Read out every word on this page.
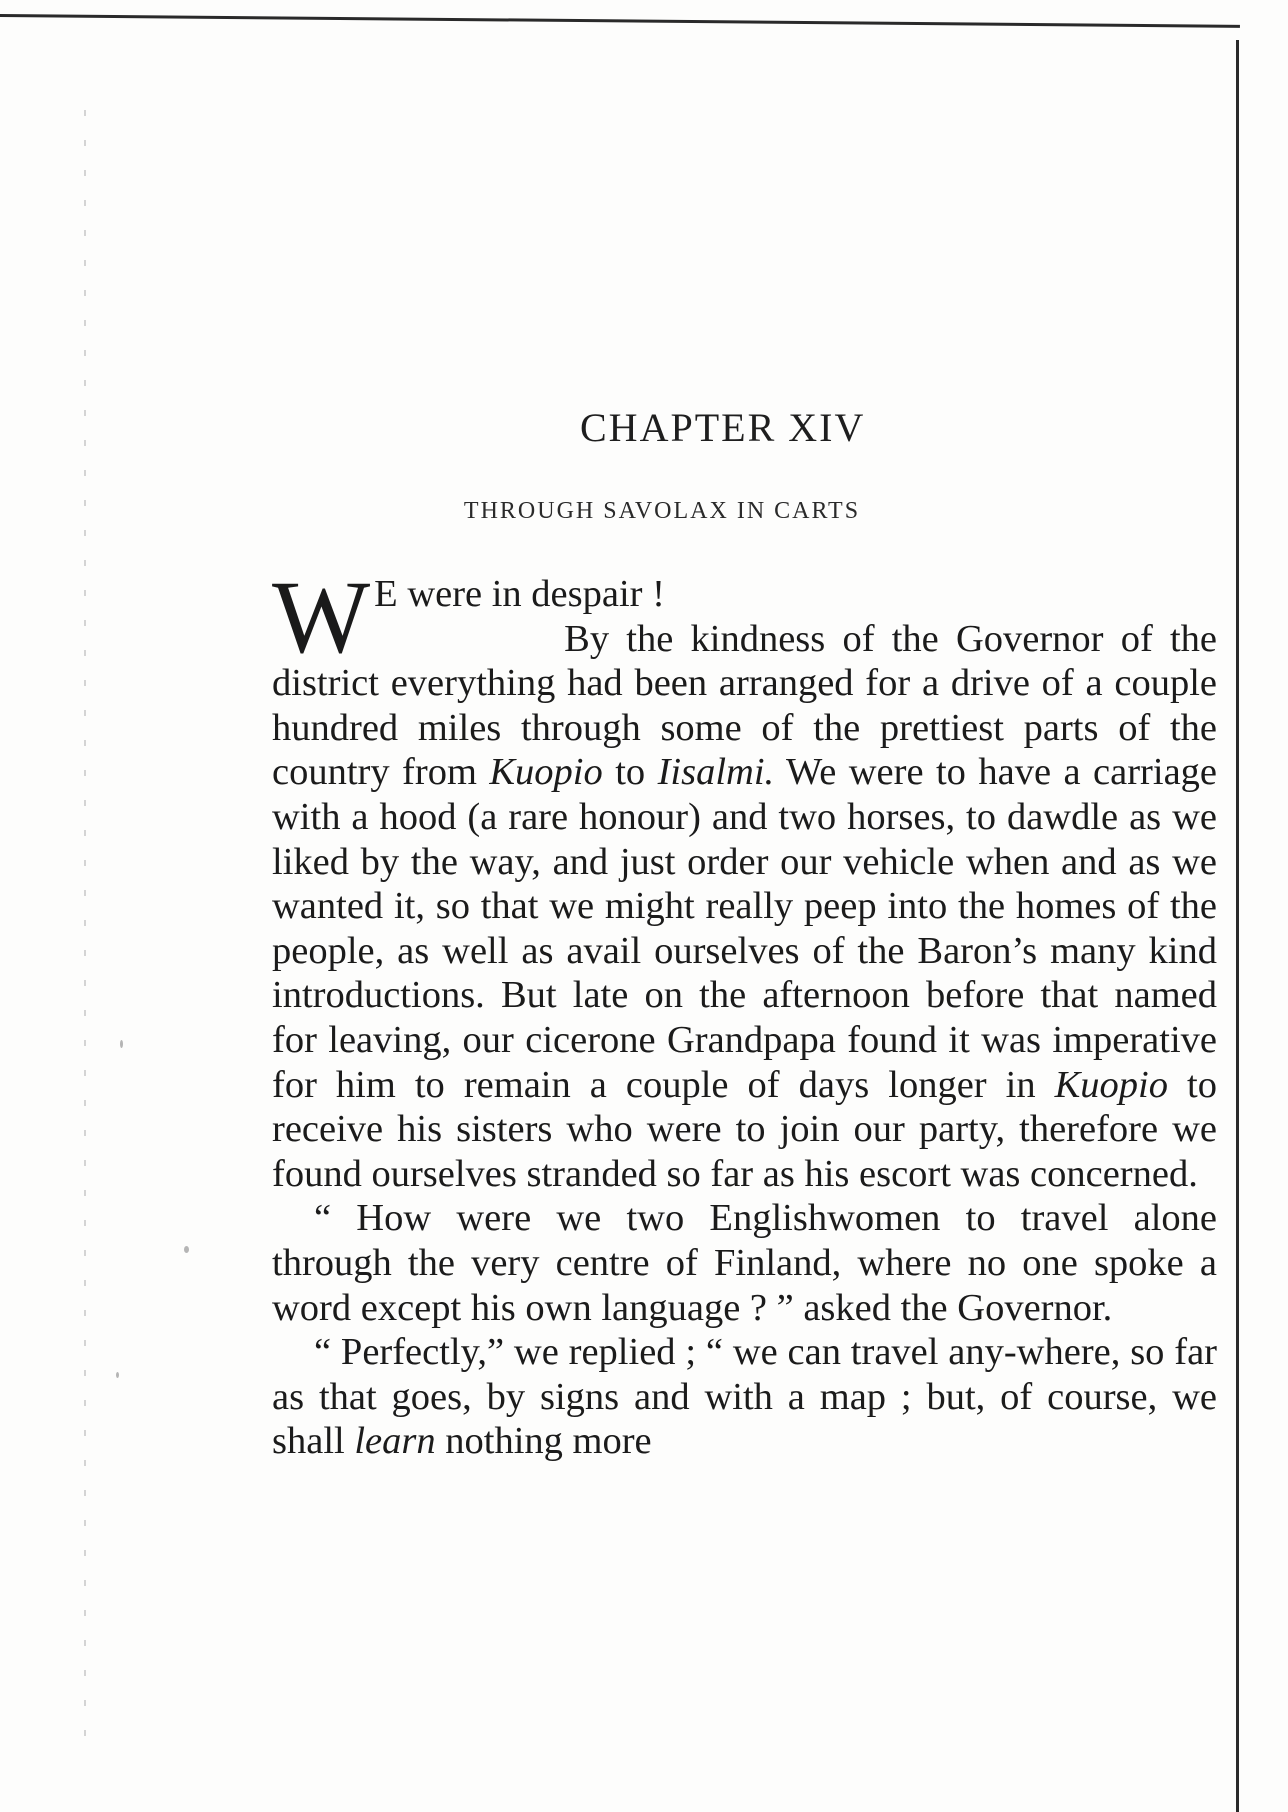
CHAPTER XIV
THROUGH SAVOLAX IN CARTS

W E were in despair !
By the kindness of the Governor of the district everything had been arranged for a drive of a couple hundred miles through some of the prettiest parts of the country from Kuopio to Iisalmi. We were to have a carriage with a hood (a rare honour) and two horses, to dawdle as we liked by the way, and just order our vehicle when and as we wanted it, so that we might really peep into the homes of the people, as well as avail ourselves of the Baron’s many kind introductions. But late on the afternoon before that named for leaving, our cicerone Grandpapa found it was imperative for him to remain a couple of days longer in Kuopio to receive his sisters who were to join our party, therefore we found ourselves stranded so far as his escort was concerned.

“ How were we two Englishwomen to travel alone through the very centre of Finland, where no one spoke a word except his own language ? ” asked the Governor.

“ Perfectly,” we replied ; “ we can travel any-where, so far as that goes, by signs and with a map ; but, of course, we shall learn nothing more
